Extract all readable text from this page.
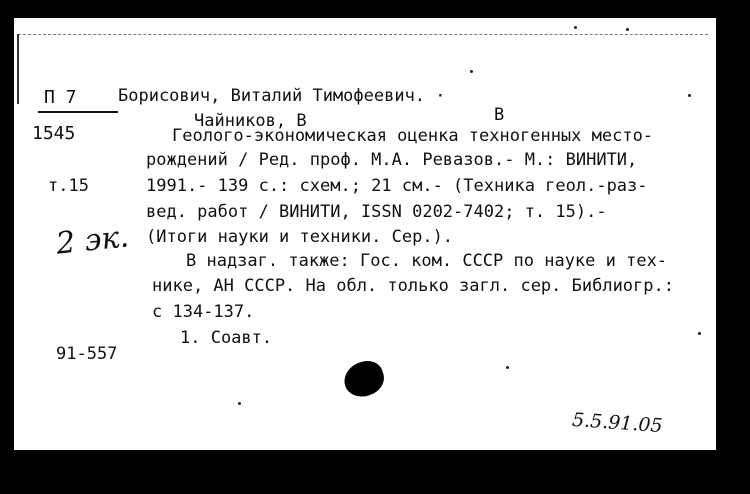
П 7
1545
т.15
2 эк.
91-557
Борисович, Виталий Тимофеевич. ·
Чайников, В	В
Геолого-экономическая оценка техногенных место-
рождений / Ред. проф. М.А. Ревазов.- М.: ВИНИТИ,
1991.- 139 с.: схем.; 21 см.- (Техника геол.-раз-
вед. работ / ВИНИТИ, ISSN 0202-7402; т. 15).-
(Итоги науки и техники. Сер.).
В надзаг. также: Гос. ком. СССР по науке и тех-
нике, АН СССР. На обл. только загл. сер. Библиогр.:
с 134-137.
1. Соавт.
5.5.91.05
